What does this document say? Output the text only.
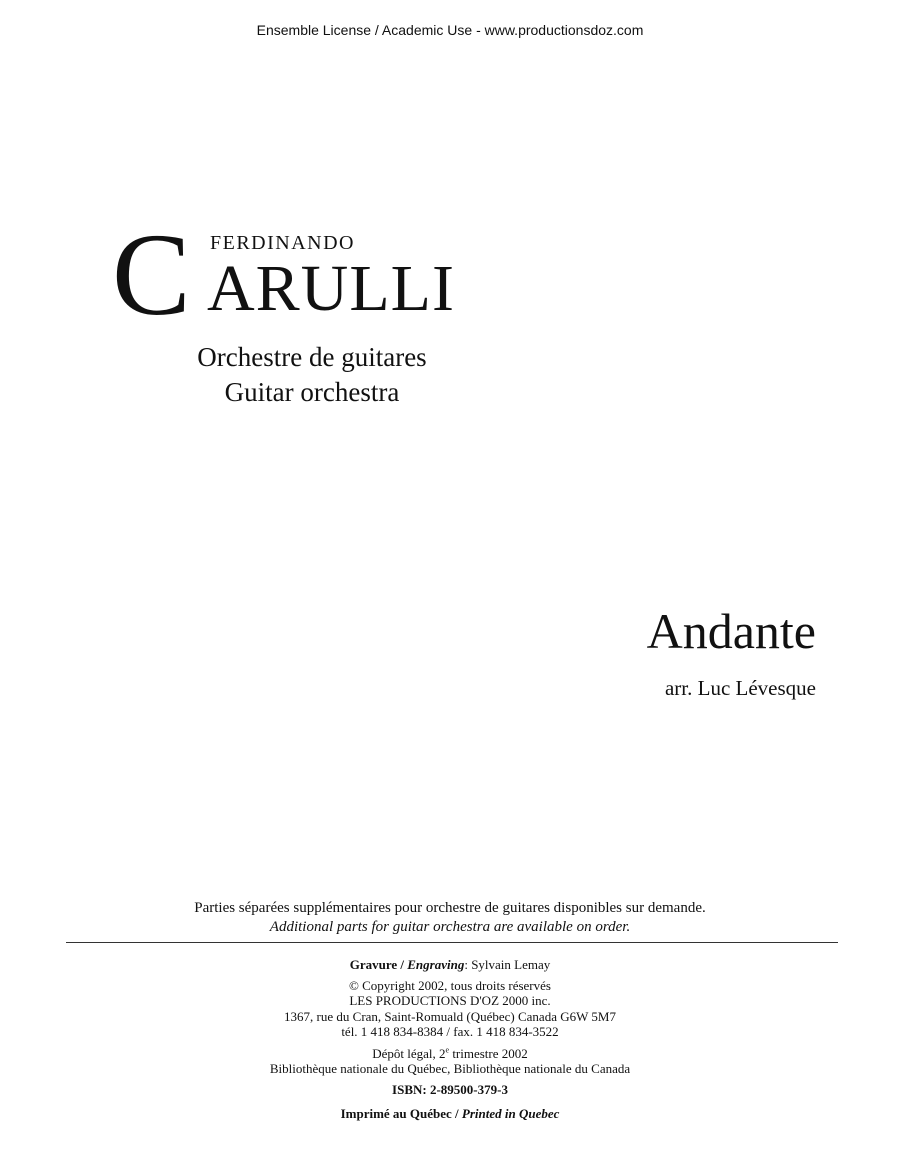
Ensemble License / Academic Use - www.productionsdoz.com
C FERDINANDO
ARULLI
Orchestre de guitares
Guitar orchestra
Andante
arr. Luc Lévesque
Parties séparées supplémentaires pour orchestre de guitares disponibles sur demande.
Additional parts for guitar orchestra are available on order.
Gravure / Engraving: Sylvain Lemay
© Copyright 2002, tous droits réservés
LES PRODUCTIONS D'OZ 2000 inc.
1367, rue du Cran, Saint-Romuald (Québec) Canada G6W 5M7
tél. 1 418 834-8384 / fax. 1 418 834-3522
Dépôt légal, 2e trimestre 2002
Bibliothèque nationale du Québec, Bibliothèque nationale du Canada
ISBN: 2-89500-379-3
Imprimé au Québec / Printed in Quebec
